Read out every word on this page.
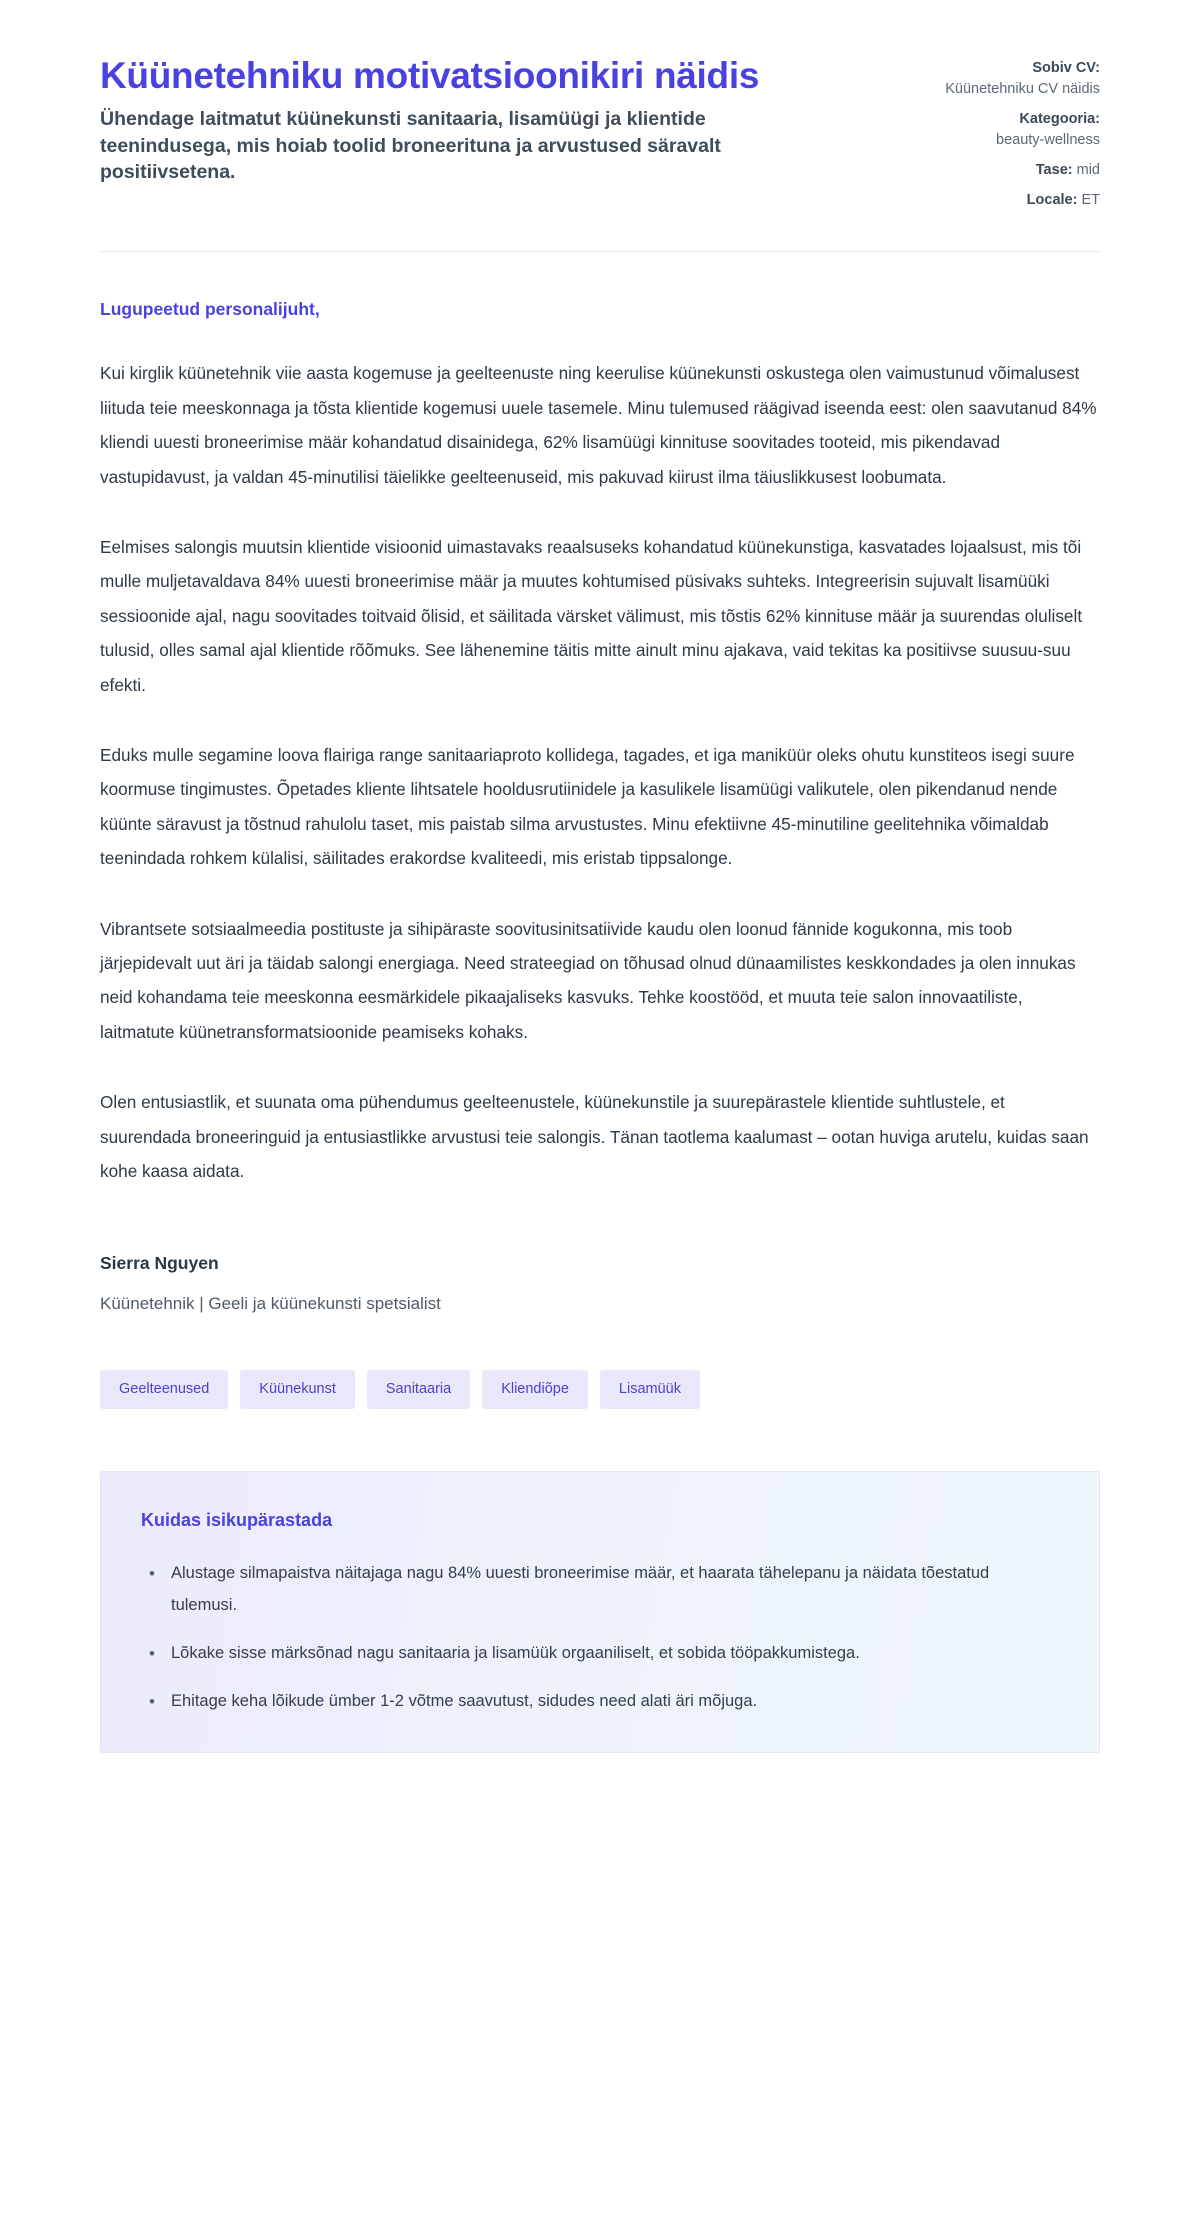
Küünetehniku motivatsioonikiri näidis

Ühendage laitmatut küünekunsti sanitaaria, lisamüügi ja klientide teenindusega, mis hoiab toolid broneerituna ja arvustused säravalt positiivsetena.

Sobiv CV:
Küünetehniku CV näidis
Kategooria:
beauty-wellness
Tase: mid
Locale: ET

Lugupeetud personalijuht,

Kui kirglik küünetehnik viie aasta kogemuse ja geelteenuste ning keerulise küünekunsti oskustega olen vaimustunud võimalusest liituda teie meeskonnaga ja tõsta klientide kogemusi uuele tasemele. Minu tulemused räägivad iseenda eest: olen saavutanud 84% kliendi uuesti broneerimise määr kohandatud disainidega, 62% lisamüügi kinnituse soovitades tooteid, mis pikendavad vastupidavust, ja valdan 45-minutilisi täielikke geelteenuseid, mis pakuvad kiirust ilma täiuslikkusest loobumata.

Eelmises salongis muutsin klientide visioonid uimastavaks reaalsuseks kohandatud küünekunstiga, kasvatades lojaalsust, mis tõi mulle muljetavaldava 84% uuesti broneerimise määr ja muutes kohtumised püsivaks suhteks. Integreerisin sujuvalt lisamüüki sessioonide ajal, nagu soovitades toitvaid õlisid, et säilitada värsket välimust, mis tõstis 62% kinnituse määr ja suurendas oluliselt tulusid, olles samal ajal klientide rõõmuks. See lähenemine täitis mitte ainult minu ajakava, vaid tekitas ka positiivse suusuu-suu efekti.

Eduks mulle segamine loova flairiga range sanitaariaproto kollidega, tagades, et iga maniküür oleks ohutu kunstiteos isegi suure koormuse tingimustes. Õpetades kliente lihtsatele hooldusrutiinidele ja kasulikele lisamüügi valikutele, olen pikendanud nende küünte säravust ja tõstnud rahulolu taset, mis paistab silma arvustustes. Minu efektiivne 45-minutiline geelitehnika võimaldab teenindada rohkem külalisi, säilitades erakordse kvaliteedi, mis eristab tippsalonge.

Vibrantsete sotsiaalmeedia postituste ja sihipäraste soovitusinitsatiivide kaudu olen loonud fännide kogukonna, mis toob järjepidevalt uut äri ja täidab salongi energiaga. Need strateegiad on tõhusad olnud dünaamilistes keskkondades ja olen innukas neid kohandama teie meeskonna eesmärkidele pikaajaliseks kasvuks. Tehke koostööd, et muuta teie salon innovaatiliste, laitmatute küünetransformatsioonide peamiseks kohaks.

Olen entusiastlik, et suunata oma pühendumus geelteenustele, küünekunstile ja suurepärastele klientide suhtlustele, et suurendada broneeringuid ja entusiastlikke arvustusi teie salongis. Tänan taotlema kaalumast – ootan huviga arutelu, kuidas saan kohe kaasa aidata.

Sierra Nguyen

Küünetehnik | Geeli ja küünekunsti spetsialist

Geelteenused	Küünekunst	Sanitaaria	Kliendiõpe	Lisamüük
Kuidas isikupärastada
• Alustage silmapaistva näitajaga nagu 84% uuesti broneerimise määr, et haarata tähelepanu ja näidata tõestatud tulemusi.
• Lõkake sisse märksõnad nagu sanitaaria ja lisamüük orgaaniliselt, et sobida tööpakkumistega.
• Ehitage keha lõikude ümber 1-2 võtme saavutust, sidudes need alati äri mõjuga.
